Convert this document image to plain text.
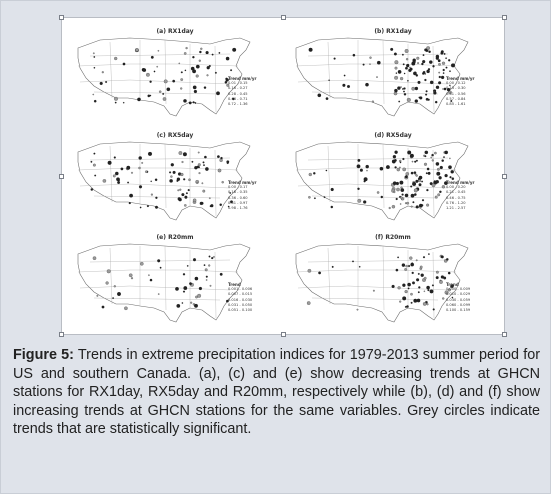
(a) RX1day
Trend mm/yr
0.01 - 0.15
0.16 - 0.27
0.28 - 0.45
0.46 - 0.71
0.72 - 1.36
(b) RX1day
Trend mm/yr
0.00 - 0.12
0.13 - 0.30
0.31 - 0.56
0.57 - 0.84
0.85 - 1.61
(c) RX5day
Trend mm/yr
0.00 - 0.17
0.18 - 0.35
0.36 - 0.60
0.61 - 0.97
0.98 - 1.76
(d) RX5day
Trend mm/yr
0.00 - 0.20
0.21 - 0.45
0.46 - 0.75
0.76 - 1.20
1.21 - 2.57
(e) R20mm
Trend
0.001 - 0.006
0.007 - 0.015
0.016 - 0.030
0.031 - 0.050
0.051 - 0.100
(f) R20mm
Trend
0.000 - 0.009
0.010 - 0.029
0.030 - 0.059
0.060 - 0.099
0.100 - 0.159
Figure 5: Trends in extreme precipitation indices for 1979-2013 summer period for US and southern Canada. (a), (c) and (e) show decreasing trends at GHCN stations for RX1day, RX5day and R20mm, respectively while (b), (d) and (f) show increasing trends at GHCN stations for the same variables. Grey circles indicate trends that are statistically significant.
